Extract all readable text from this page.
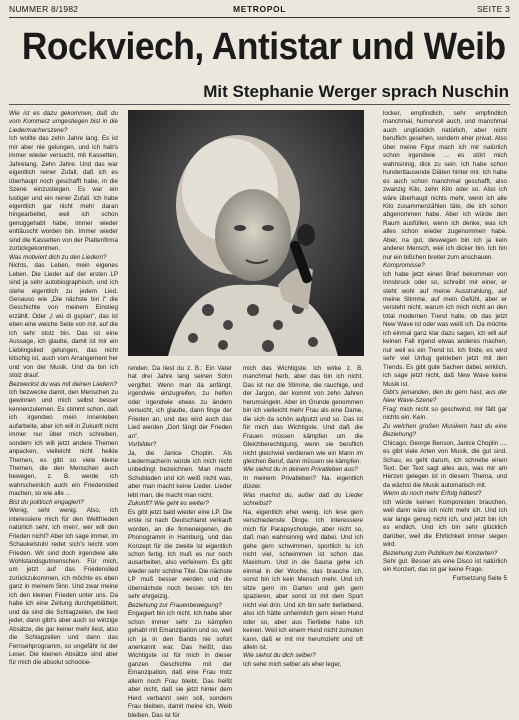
NUMMER 8/1982	METROPOL	SEITE 3
Rockviech, Antistar und Weib
Mit Stephanie Werger sprach Nuschin

Wie ist es dazu gekommen, daß du vom Kommerz umgestiegen bist in die Liedermacherszene?

Ich wollte das zehn Jahre lang. Es ist mir aber nie gelungen, und ich hab's immer wieder versucht, mit Kassetten, Jahrelang. Zehn Jahre. Und das war eigentlich reiner Zufall, daß ich es überhaupt noch geschafft habe, in die Szene einzusteigen. Es war ein lustiger und ein reiner Zufall. Ich habe eigentlich gar nicht mehr daran hingearbeitet, weil ich schon genuggehabt habe, immer wieder enttäuscht worden bin. Immer wieder sind die Kassetten von der Plattenfirma zurückgekommen.

Was motiviert dich zu den Liedern?

Nichts, das Leben, mein eigenes Leben. Die Lieder auf der ersten LP sind ja sehr autobiographisch, und ich stehe eigentlich zu jedem Lied. Genauso wie „Die nächste bin i" die Geschichte von meinem Einstieg erzählt. Oder „I wü di gspian", das ist eben eine weiche Seite von mir, auf die ich sehr stolz bin. Das ist eine Aussage, ich glaube, damit ist mir ein Lieblingslied gelungen, das nicht kitschig ist, auch vom Arrangement her und von der Musik. Und da bin ich stolz drauf.

Bezweckst du was mit deinen Liedern?

Ich bezwecke damit, den Menschen zu gewinnen und mich selbst besser kennenzulernen. Es stimmt schon, daß ich irgendwo mein Innenleben aufarbeite, aber ich will in Zukunft nicht immer nur über mich schreiben, sondern ich will jetzt andere Themen anpacken, vielleicht nicht heikle Themen, es gibt so viele kleine Themen, die den Menschen auch bewegen, z. B. werde ich wahrscheinlich auch ein Friedenslied machen, so wie alle ...

Bist du politisch engagiert?

Wenig, sehr wenig. Also, ich interessiere mich für den Weltfrieden natürlich sehr, ich mein', wer will den Frieden nicht? Aber ich sage immer, im Schaukelstuhl redet sich's leicht vom Frieden. Wir sind doch irgendwie alle Wohlstandsgutmenschen. Für mich, um jetzt auf das Friedenslied zurückzukommen, ich möchte es eben ganz in meinem Sinn. Und zwar meine ich den kleinen Frieden unter uns. Da habe ich eine Zeitung durchgeblättert, und da sind die Schlagzeilen, die liest jeder, dann gibt's aber auch so winzige Absätze, die gar keiner mehr liest, also die Schlagzeilen und dann das Fernsehprogramm, so ungefähr ist der Leser. Die kleinen Absätze sind aber für mich die absolut schockie-

renden. Da liest du z. B.: Ein Vater hat drei Jahre lang seinen Sohn vergiftet. Wenn man da anfängt, irgendwie einzugreifen, zu helfen oder irgendwie etwas zu ändern versucht, ich glaube, dann finge der Frieden an, und das wird auch das Lied werden „Dort fängt der Frieden an".

Vorbilder?

Ja, die Janice Choplin. Als Liedermacherin würde ich mich nicht unbedingt bezeichnen. Man macht Schubladen und ich weiß nicht was, aber man macht keine Lieder. Lieder lebt man, die macht man nicht.

Zukunft? Wie geht es weiter?

Es gibt jetzt bald wieder eine LP. Die erste ist nach Deutschland verkauft worden, an die firmeneigenen, die Phonogramm in Hamburg, und das Konzept für die zweite ist eigentlich schon fertig. Ich muß es nur noch ausarbeiten, also verfeinern. Es gibt wieder sehr schöne Titel. Die nächste LP muß besser werden und die übernächste noch besser. Ich bin sehr ehrgeizig.

Beziehung zur Frauenbewegung?

Engagiert bin ich nicht. Ich habe aber schon immer sehr zu kämpfen gehabt mit Emanzipation und so, weil ich ja in den Bands nie sofort anerkannt war. Das heißt, das Wichtigste ist für mich in dieser ganzen Geschichte mit der Emanzipation, daß eine Frau trotz allem noch Frau bleibt. Das heißt aber nicht, daß sie jetzt hinter dem Herd verbannt sein soll, sondern Frau bleiben, damit meine ich, Weib bleiben. Das ist für

mich das Wichtigste. Ich wirke z. B. manchmal herb, aber das bin ich nicht. Das ist nur die Stimme, die rauchige, und der Jargon, der kommt von zehn Jahren herumsingeln. Aber im Grunde genommen bin ich vielleicht mehr Frau als eine Dame, die sich da schön aufputzt und so. Das ist für mich das Wichtigste. Und daß die Frauen müssen kämpfen um die Gleichberechtigung, wenn sie beruflich nicht gleichviel verdienen wie ein Mann im gleichen Beruf, dann müssen sie kämpfen.

Wie siehst du in deinem Privatleben aus?

In meinem Privatleben? Na, eigentlich düster.

Was machst du, außer daß du Lieder schreibst?

Na, eigentlich eher wenig. Ich lese gern verschiedenste Dinge. Ich interessiere mich für Parapsychologie, aber nicht so, daß man wahnsinnig wird dabei. Und ich gehe gern schwimmen, sportlich tu ich nicht viel, schwimmen ist schon das Maximum. Und in die Sauna gehe ich einmal in der Woche, das brauche ich, sonst bin ich kein Mensch mehr. Und ich sitze gern im Garten und geh gern spazieren, aber sonst ist mit dem Sport nicht viel drin. Und ich bin sehr tierliebend, also ich hätte unheimlich gern einen Hund oder so, aber aus Tierliebe habe ich keinen. Weil ich einem Hund nicht zumuten kann, daß er mit mir herumzieht und oft allein ist.

Wie siehst du dich selber?

Ich sehe mich selber als eher leger,

locker, empfindlich, sehr empfindlich manchmal, humorvoll auch, und manchmal auch unglücklich natürlich, aber nicht beruflich gesehen, sondern eher privat. Also über meine Figur mach ich mir natürlich schon irgendwie ... es stört mich wahnsinnig, dick zu sein. Ich habe schon hunderttausende Diäten hinter mir. Ich habe es auch schon manchmal geschafft, also zwanzig Kilo, zehn Kilo oder so. Also ich wäre überhaupt nichts mehr, wenn ich alle Kilo zusammenzählen täte, die ich schon abgenommen habe. Aber ich würde den Raum ausfüllen, wenn ich denke, was ich alles schon wieder zugenommen habe. Aber, na gut, deswegen bin ich ja kein anderer Mensch, weil ich dicker bin. Ich bin nur ein bißchen breiter zum anschauen.

Kompromisse?

Ich habe jetzt einen Brief bekommen von Innsbruck oder so, schreibt mir einer, er steht wohl auf meine Ausstrahlung, auf meine Stimme, auf mein Gefühl, aber er versteht nicht, warum ich mich nicht an den total modernen Trend halte, ob das jetzt New Wave ist oder was weiß ich. Da möchte ich einmal ganz klar dazu sagen, ich will auf keinen Fall irgend etwas anderes machen, nur weil es ein Trend ist. Ich finde, es wird sehr viel Unfug getrieben jetzt mit den Trends. Es gibt gute Sachen dabei, wirklich, ich sage jetzt nicht, daß New Wave keine Musik ist.

Gibt's jemanden, den du gern hast, aus der New Wave-Szene?

Frag' mich nicht so geschwind, mir fällt gar nichts ein. Kein.

Zu welchen großen Musikern hast du eine Beziehung?

Chicago, George Benson, Janice Choplin ..., es gibt viele Arten von Musik, die gut sind. Schau, es geht darum, ich schreibe einen Text. Der Text sagt alles aus, was mir am Herzen gelegen ist in diesem Thema, und da wächst die Musik automatisch mit.

Wenn du noch mehr Erfolg hättest?

Ich würde keinen Komponisten brauchen, weil dann wäre ich nicht mehr ich. Und ich war lange genug nicht ich, und jetzt bin ich es endlich. Und ich bin sehr glücklich darüber, weil die Ehrlichkeit immer siegen wird.

Beziehung zum Publikum bei Konzerten?

Sehr gut. Besser als eine Disco ist natürlich ein Konzert, das ist gar keine Frage.

Fortsetzung Seite 5
